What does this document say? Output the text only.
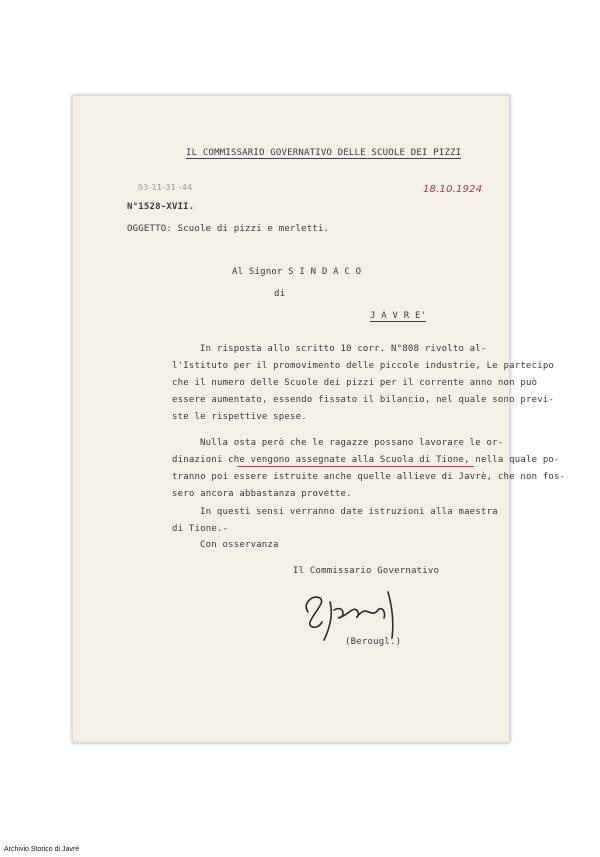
IL COMMISSARIO GOVERNATIVO DELLE SCUOLE DEI PIZZI
93-11-31 -44	18.10.1924
N°1528-XVII.
OGGETTO: Scuole di pizzi e merletti.
Al Signor S I N D A C O
di
J A V R E'
In risposta allo scritto 10 corr. N°808 rivolto al-
l'Istituto per il promovimento delle piccole industrie, Le partecipo
che il numero delle Scuole dei pizzi per il corrente anno non può
essere aumentato, essendo fissato il bilancio, nel quale sono previ-
ste le rispettive spese.
Nulla osta però che le ragazze possano lavorare le or-
dinazioni che vengono assegnate alla Scuola di Tione, nella quale po-
tranno poi essere istruite anche quelle allieve di Javrè, che non fos-
sero ancora abbastanza provette.
In questi sensi verranno date istruzioni alla maestra
di Tione.-
Con osservanza
Il Commissario Governativo
(Berougl.)
Archivio Storico di Javrè
